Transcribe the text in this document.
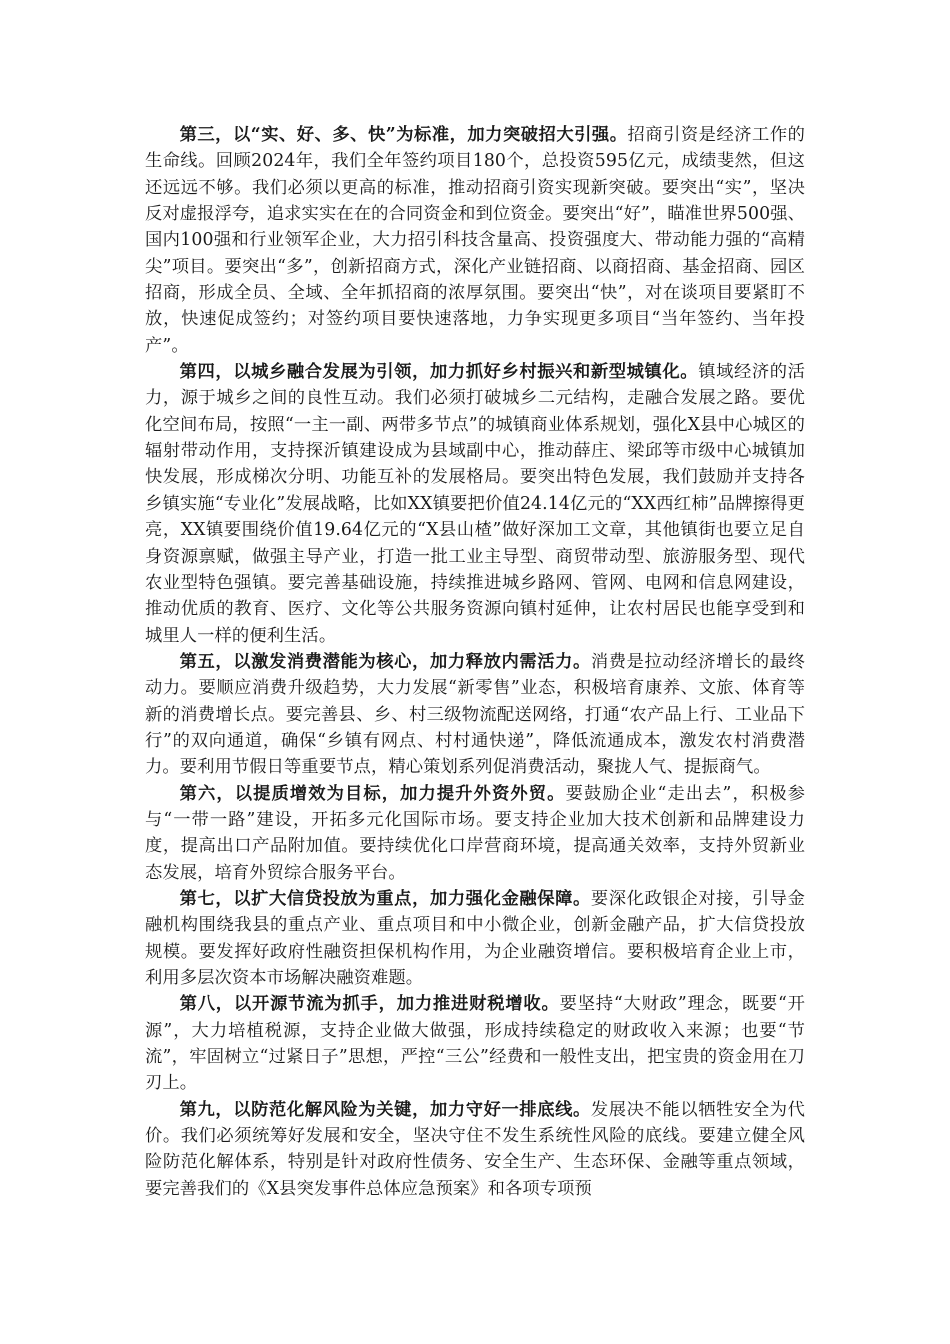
第三，以“实、好、多、快”为标准，加力突破招大引强。招商引资是经济工作的生命线。回顾2024年，我们全年签约项目180个，总投资595亿元，成绩斐然，但这还远远不够。我们必须以更高的标准，推动招商引资实现新突破。要突出“实”，坚决反对虚报浮夸，追求实实在在的合同资金和到位资金。要突出“好”，瞄准世界500强、国内100强和行业领军企业，大力招引科技含量高、投资强度大、带动能力强的“高精尖”项目。要突出“多”，创新招商方式，深化产业链招商、以商招商、基金招商、园区招商，形成全员、全域、全年抓招商的浓厚氛围。要突出“快”，对在谈项目要紧盯不放，快速促成签约；对签约项目要快速落地，力争实现更多项目“当年签约、当年投产”。

第四，以城乡融合发展为引领，加力抓好乡村振兴和新型城镇化。镇域经济的活力，源于城乡之间的良性互动。我们必须打破城乡二元结构，走融合发展之路。要优化空间布局，按照“一主一副、两带多节点”的城镇商业体系规划，强化X县中心城区的辐射带动作用，支持探沂镇建设成为县域副中心，推动薛庄、梁邱等市级中心城镇加快发展，形成梯次分明、功能互补的发展格局。要突出特色发展，我们鼓励并支持各乡镇实施“专业化”发展战略，比如XX镇要把价值24.14亿元的“XX西红柿”品牌擦得更亮，XX镇要围绕价值19.64亿元的“X县山楂”做好深加工文章，其他镇街也要立足自身资源禀赋，做强主导产业，打造一批工业主导型、商贸带动型、旅游服务型、现代农业型特色强镇。要完善基础设施，持续推进城乡路网、管网、电网和信息网建设，推动优质的教育、医疗、文化等公共服务资源向镇村延伸，让农村居民也能享受到和城里人一样的便利生活。

第五，以激发消费潜能为核心，加力释放内需活力。消费是拉动经济增长的最终动力。要顺应消费升级趋势，大力发展“新零售”业态，积极培育康养、文旅、体育等新的消费增长点。要完善县、乡、村三级物流配送网络，打通“农产品上行、工业品下行”的双向通道，确保“乡镇有网点、村村通快递”，降低流通成本，激发农村消费潜力。要利用节假日等重要节点，精心策划系列促消费活动，聚拢人气、提振商气。

第六，以提质增效为目标，加力提升外资外贸。要鼓励企业“走出去”，积极参与“一带一路”建设，开拓多元化国际市场。要支持企业加大技术创新和品牌建设力度，提高出口产品附加值。要持续优化口岸营商环境，提高通关效率，支持外贸新业态发展，培育外贸综合服务平台。

第七，以扩大信贷投放为重点，加力强化金融保障。要深化政银企对接，引导金融机构围绕我县的重点产业、重点项目和中小微企业，创新金融产品，扩大信贷投放规模。要发挥好政府性融资担保机构作用，为企业融资增信。要积极培育企业上市，利用多层次资本市场解决融资难题。

第八，以开源节流为抓手，加力推进财税增收。要坚持“大财政”理念，既要“开源”，大力培植税源，支持企业做大做强，形成持续稳定的财政收入来源；也要“节流”，牢固树立“过紧日子”思想，严控“三公”经费和一般性支出，把宝贵的资金用在刀刃上。

第九，以防范化解风险为关键，加力守好一排底线。发展决不能以牺牲安全为代价。我们必须统筹好发展和安全，坚决守住不发生系统性风险的底线。要建立健全风险防范化解体系，特别是针对政府性债务、安全生产、生态环保、金融等重点领域，要完善我们的《X县突发事件总体应急预案》和各项专项预
